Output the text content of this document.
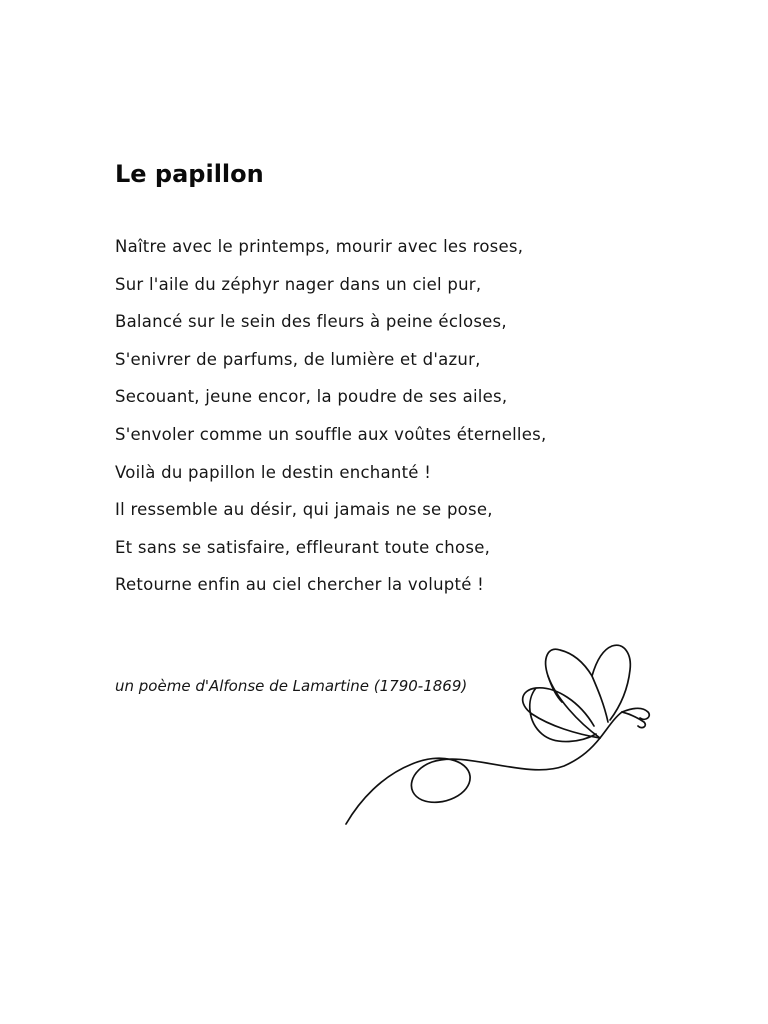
Le papillon
Naître avec le printemps, mourir avec les roses,
Sur l'aile du zéphyr nager dans un ciel pur,
Balancé sur le sein des fleurs à peine écloses,
S'enivrer de parfums, de lumière et d'azur,
Secouant, jeune encor, la poudre de ses ailes,
S'envoler comme un souffle aux voûtes éternelles,
Voilà du papillon le destin enchanté !
Il ressemble au désir, qui jamais ne se pose,
Et sans se satisfaire, effleurant toute chose,
Retourne enfin au ciel chercher la volupté !

un poème d'Alfonse de Lamartine (1790-1869)
